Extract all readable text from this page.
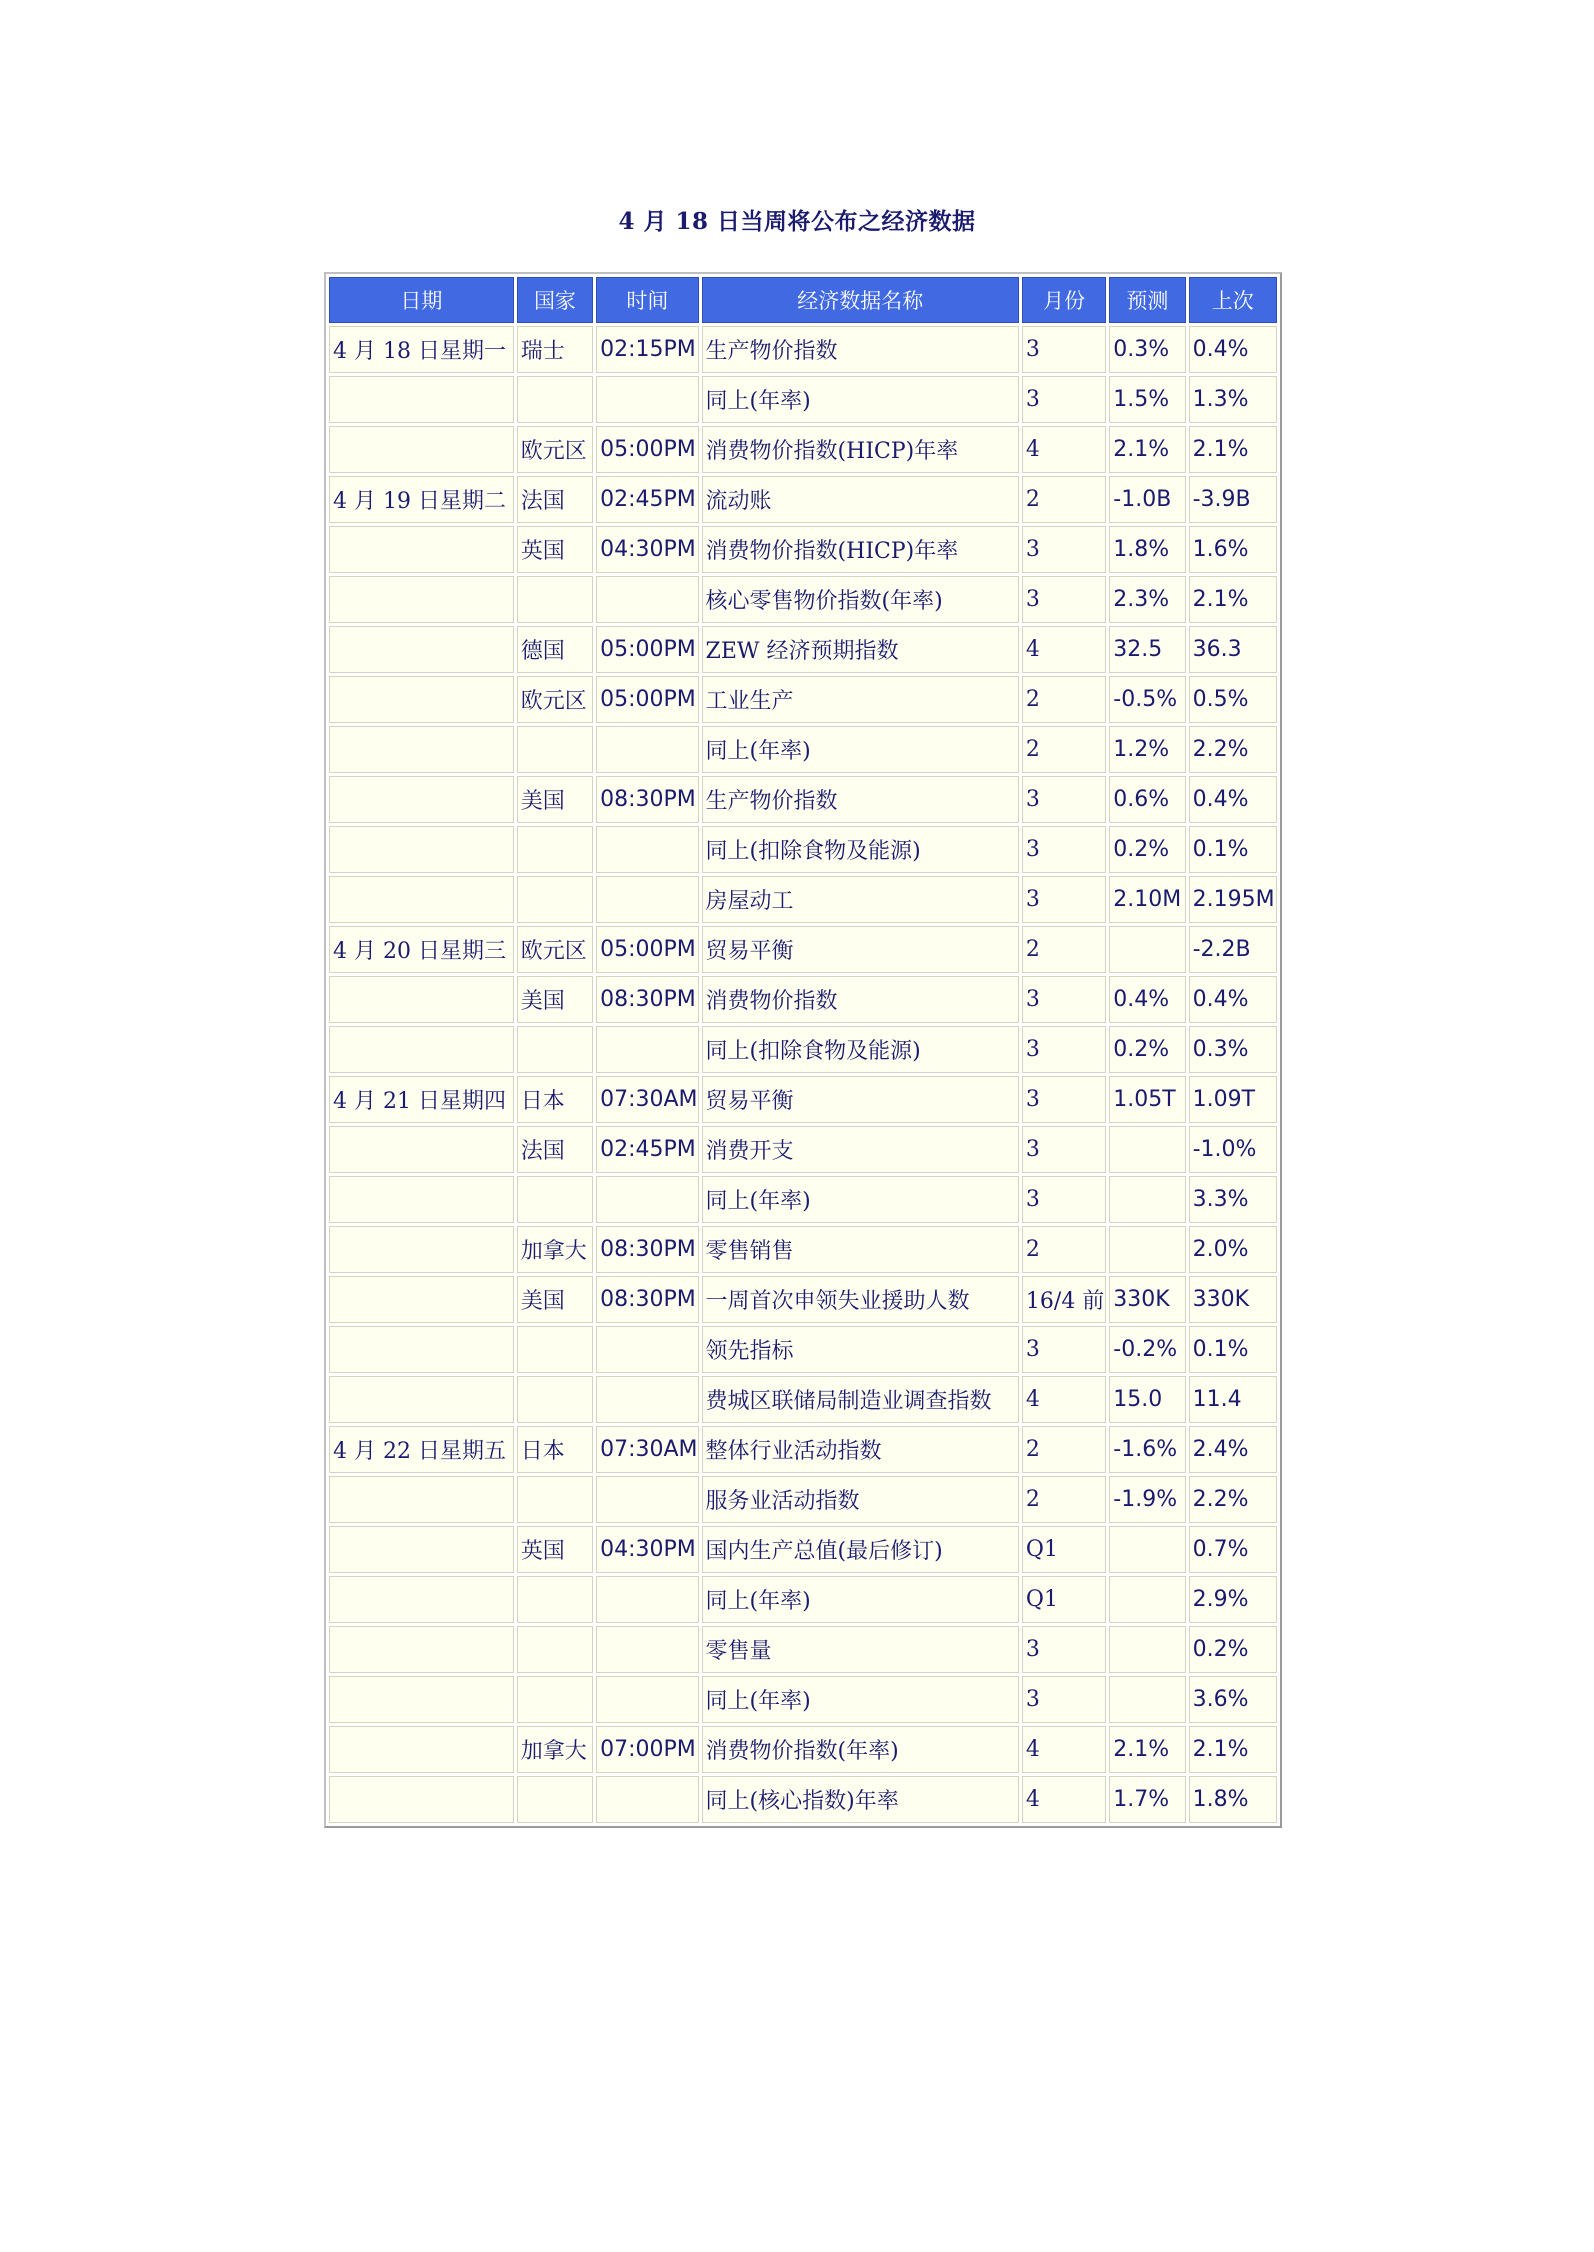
4 月 18 日当周将公布之经济数据
日期	国家	时间	经济数据名称	月份	预测	上次
4 月 18 日星期一	瑞士	02:15PM	生产物价指数	3	0.3%	0.4%
			同上(年率)	3	1.5%	1.3%
	欧元区	05:00PM	消费物价指数(HICP)年率	4	2.1%	2.1%
4 月 19 日星期二	法国	02:45PM	流动账	2	-1.0B	-3.9B
	英国	04:30PM	消费物价指数(HICP)年率	3	1.8%	1.6%
			核心零售物价指数(年率)	3	2.3%	2.1%
	德国	05:00PM	ZEW 经济预期指数	4	32.5	36.3
	欧元区	05:00PM	工业生产	2	-0.5%	0.5%
			同上(年率)	2	1.2%	2.2%
	美国	08:30PM	生产物价指数	3	0.6%	0.4%
			同上(扣除食物及能源)	3	0.2%	0.1%
			房屋动工	3	2.10M	2.195M
4 月 20 日星期三	欧元区	05:00PM	贸易平衡	2		-2.2B
	美国	08:30PM	消费物价指数	3	0.4%	0.4%
			同上(扣除食物及能源)	3	0.2%	0.3%
4 月 21 日星期四	日本	07:30AM	贸易平衡	3	1.05T	1.09T
	法国	02:45PM	消费开支	3		-1.0%
			同上(年率)	3		3.3%
	加拿大	08:30PM	零售销售	2		2.0%
	美国	08:30PM	一周首次申领失业援助人数	16/4 前	330K	330K
			领先指标	3	-0.2%	0.1%
			费城区联储局制造业调查指数	4	15.0	11.4
4 月 22 日星期五	日本	07:30AM	整体行业活动指数	2	-1.6%	2.4%
			服务业活动指数	2	-1.9%	2.2%
	英国	04:30PM	国内生产总值(最后修订)	Q1		0.7%
			同上(年率)	Q1		2.9%
			零售量	3		0.2%
			同上(年率)	3		3.6%
	加拿大	07:00PM	消费物价指数(年率)	4	2.1%	2.1%
			同上(核心指数)年率	4	1.7%	1.8%
